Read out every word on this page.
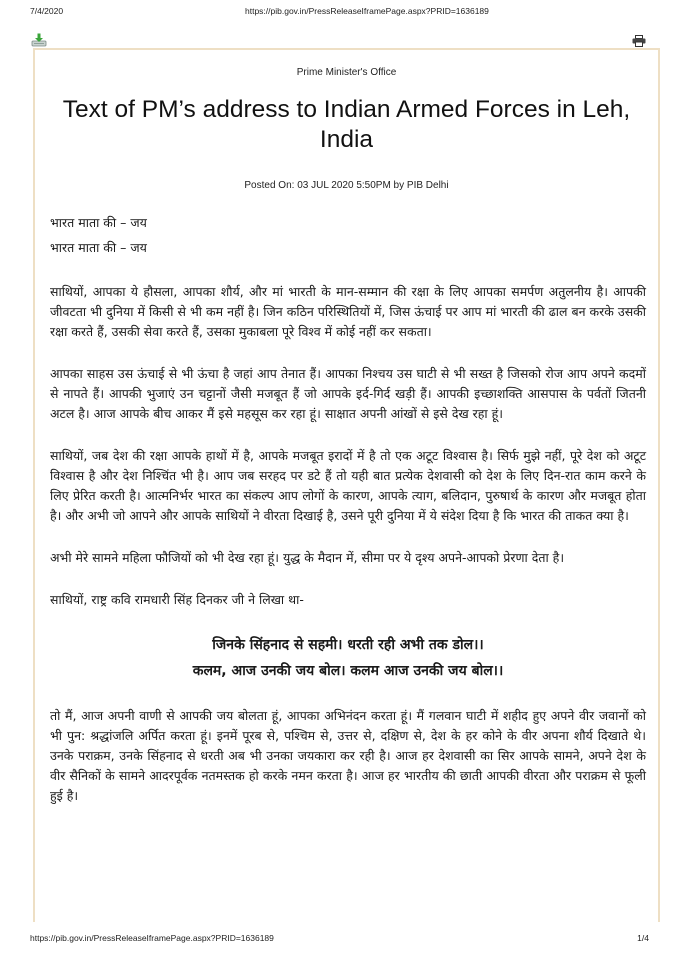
7/4/2020	https://pib.gov.in/PressReleaseIframePage.aspx?PRID=1636189
Prime Minister's Office
Text of PM’s address to Indian Armed Forces in Leh, India
Posted On: 03 JUL 2020 5:50PM by PIB Delhi

भारत माता की – जय

भारत माता की – जय

साथियों, आपका ये हौसला, आपका शौर्य, और मां भारती के मान-सम्मान की रक्षा के लिए आपका समर्पण अतुलनीय है। आपकी जीवटता भी दुनिया में किसी से भी कम नहीं है। जिन कठिन परिस्थितियों में, जिस ऊंचाई पर आप मां भारती की ढाल बन करके उसकी रक्षा करते हैं, उसकी सेवा करते हैं, उसका मुकाबला पूरे विश्व में कोई नहीं कर सकता।

आपका साहस उस ऊंचाई से भी ऊंचा है जहां आप तेनात हैं। आपका निश्चय उस घाटी से भी सख्त है जिसको रोज आप अपने कदमों से नापते हैं। आपकी भुजाएं उन चट्टानों जैसी मजबूत हैं जो आपके इर्द-गिर्द खड़ी हैं। आपकी इच्छाशक्ति आसपास के पर्वतों जितनी अटल है। आज आपके बीच आकर मैं इसे महसूस कर रहा हूं। साक्षात अपनी आंखों से इसे देख रहा हूं।

साथियों, जब देश की रक्षा आपके हाथों में है, आपके मजबूत इरादों में है तो एक अटूट विश्वास है। सिर्फ मुझे नहीं, पूरे देश को अटूट विश्वास है और देश निश्चिंत भी है। आप जब सरहद पर डटे हैं तो यही बात प्रत्येक देशवासी को देश के लिए दिन-रात काम करने के लिए प्रेरित करती है। आत्मनिर्भर भारत का संकल्प आप लोगों के कारण, आपके त्याग, बलिदान, पुरुषार्थ के कारण और मजबूत होता है। और अभी जो आपने और आपके साथियों ने वीरता दिखाई है, उसने पूरी दुनिया में ये संदेश दिया है कि भारत की ताकत क्या है।

अभी मेरे सामने महिला फौजियों को भी देख रहा हूं। युद्ध के मैदान में, सीमा पर ये दृश्य अपने-आपको प्रेरणा देता है।

साथियों, राष्ट्र कवि रामधारी सिंह दिनकर जी ने लिखा था-

जिनके सिंहनाद से सहमी। धरती रही अभी तक डोल।।

कलम, आज उनकी जय बोल। कलम आज उनकी जय बोल।।

तो मैं, आज अपनी वाणी से आपकी जय बोलता हूं, आपका अभिनंदन करता हूं। मैं गलवान घाटी में शहीद हुए अपने वीर जवानों को भी पुन: श्रद्धांजलि अर्पित करता हूं। इनमें पूरब से, पश्चिम से, उत्तर से, दक्षिण से, देश के हर कोने के वीर अपना शौर्य दिखाते थे। उनके पराक्रम, उनके सिंहनाद से धरती अब भी उनका जयकारा कर रही है। आज हर देशवासी का सिर आपके सामने, अपने देश के वीर सैनिकों के सामने आदरपूर्वक नतमस्तक हो करके नमन करता है। आज हर भारतीय की छाती आपकी वीरता और पराक्रम से फूली हुई है।

https://pib.gov.in/PressReleaseIframePage.aspx?PRID=1636189	1/4
